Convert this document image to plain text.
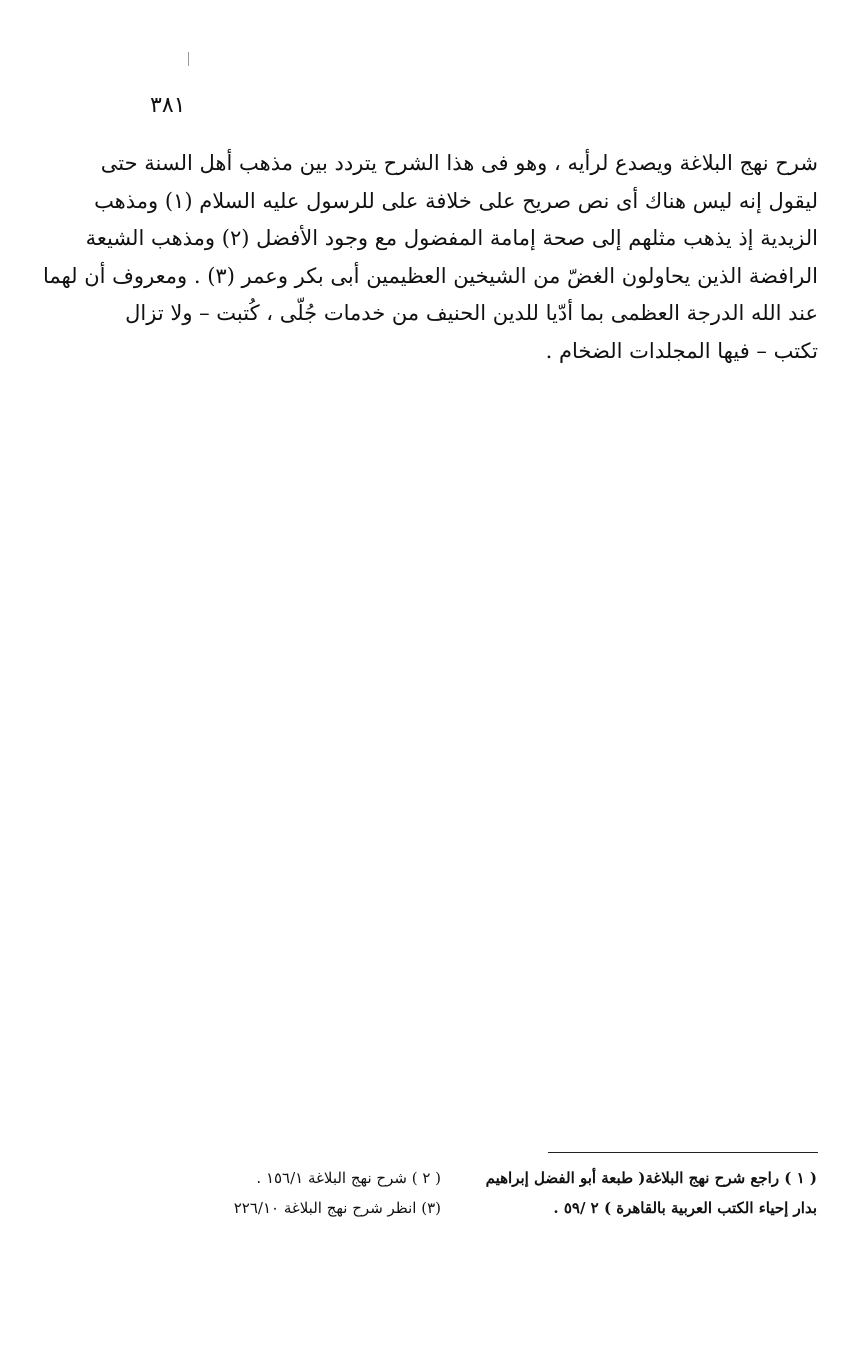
٣٨١
شرح نهج البلاغة ويصدع لرأيه ، وهو فى هذا الشرح يتردد بين مذهب أهل السنة حتى
ليقول إنه ليس هناك أى نص صريح على خلافة على للرسول عليه السلام (١) ومذهب
الزيدية إذ يذهب مثلهم إلى صحة إمامة المفضول مع وجود الأفضل (٢) ومذهب الشيعة
الرافضة الذين يحاولون الغضّ من الشيخين العظيمين أبى بكر وعمر (٣) . ومعروف أن لهما
عند الله الدرجة العظمى بما أدّيا للدين الحنيف من خدمات جُلّى ، كُتبت – ولا تزال
تكتب – فيها المجلدات الضخام .
( ١ ) راجع شرح نهج البلاغة( طبعة أبو الفضل إبراهيم
بدار إحياء الكتب العربية بالقاهرة ) ٢ /٥٩ .
( ٢ ) شرح نهج البلاغة ١٥٦/١ .
(٣) انظر شرح نهج البلاغة ٢٢٦/١٠
